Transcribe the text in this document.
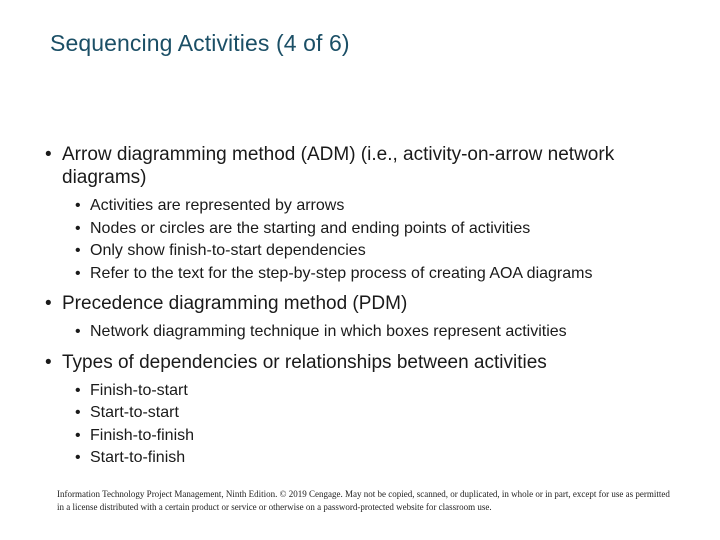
Sequencing Activities (4 of 6)
• Arrow diagramming method (ADM) (i.e., activity-on-arrow network diagrams)
• Activities are represented by arrows
• Nodes or circles are the starting and ending points of activities
• Only show finish-to-start dependencies
• Refer to the text for the step-by-step process of creating AOA diagrams
• Precedence diagramming method (PDM)
• Network diagramming technique in which boxes represent activities
• Types of dependencies or relationships between activities
• Finish-to-start
• Start-to-start
• Finish-to-finish
• Start-to-finish
Information Technology Project Management, Ninth Edition. © 2019 Cengage. May not be copied, scanned, or duplicated, in whole or in part, except for use as permitted in a license distributed with a certain product or service or otherwise on a password-protected website for classroom use.
